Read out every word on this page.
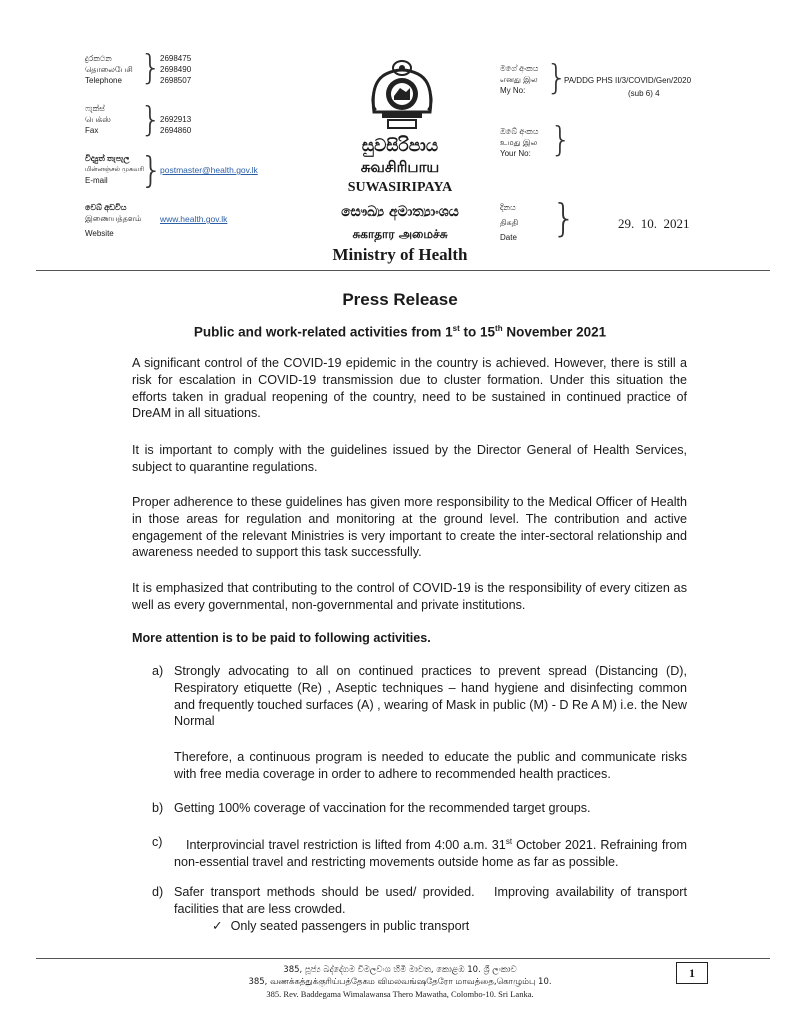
දුරකථන
தொலைபேசி
Telephone }
2698475
2698490
2698507
ෆැක්ස්
பெக்ஸ்
Fax	}
2692913
2694860
විද්‍යුත් තැපැල
மின்னஞ்சல் முகவரி
E-mail }
postmaster@health.gov.lk
වෙබ් අඩවිය
இணையத்தளம்
Website
www.health.gov.lk
සුවසිරිපාය
சுவசிரிபாய
SUWASIRIPAYA
සෞඛ්‍ය අමාත්‍යාංශය
சுகாதார அமைச்சு
Ministry of Health
මගේ අංකය
எனது இல
My No: }
PA/DDG PHS II/3/COVID/Gen/2020
(sub 6) 4
ඔබේ අංකය
உமது இல
Your No: }
දිනය
திகதி
Date }	29.  10.  2021
Press Release
Public and work-related activities from 1st to 15th November 2021
A significant control of the COVID-19 epidemic in the country is achieved. However, there is still a risk for escalation in COVID-19 transmission due to cluster formation. Under this situation the efforts taken in gradual reopening of the country, need to be sustained in continued practice of DreAM in all situations.
It is important to comply with the guidelines issued by the Director General of Health Services, subject to quarantine regulations.
Proper adherence to these guidelines has given more responsibility to the Medical Officer of Health in those areas for regulation and monitoring at the ground level. The contribution and active engagement of the relevant Ministries is very important to create the inter-sectoral relationship and awareness needed to support this task successfully.
It is emphasized that contributing to the control of COVID-19 is the responsibility of every citizen as well as every governmental, non-governmental and private institutions.
More attention is to be paid to following activities.
a) Strongly advocating to all on continued practices to prevent spread (Distancing (D), Respiratory etiquette (Re) , Aseptic techniques – hand hygiene and disinfecting common and frequently touched surfaces (A) , wearing of Mask in public (M) - D Re A M) i.e. the New Normal
Therefore, a continuous program is needed to educate the public and communicate risks with free media coverage in order to adhere to recommended health practices.
b) Getting 100% coverage of vaccination for the recommended target groups.
c) Interprovincial travel restriction is lifted from 4:00 a.m. 31st October 2021. Refraining from non-essential travel and restricting movements outside home as far as possible.
d) Safer transport methods should be used/ provided.   Improving availability of transport facilities that are less crowded.
✓ Only seated passengers in public transport
385, පූජ්‍ය බද්දේගම විමලවංශ හිමි මාවත, කොළඹ 10. ශ්‍රී ලංකාව
385, வணக்கத்துக்குரிய்பத்தேகம விமலவங்ஷதேரோ மாவத்தை,கொழும்பு 10.
385. Rev. Baddegama Wimalawansa Thero Mawatha, Colombo-10. Sri Lanka.
1
